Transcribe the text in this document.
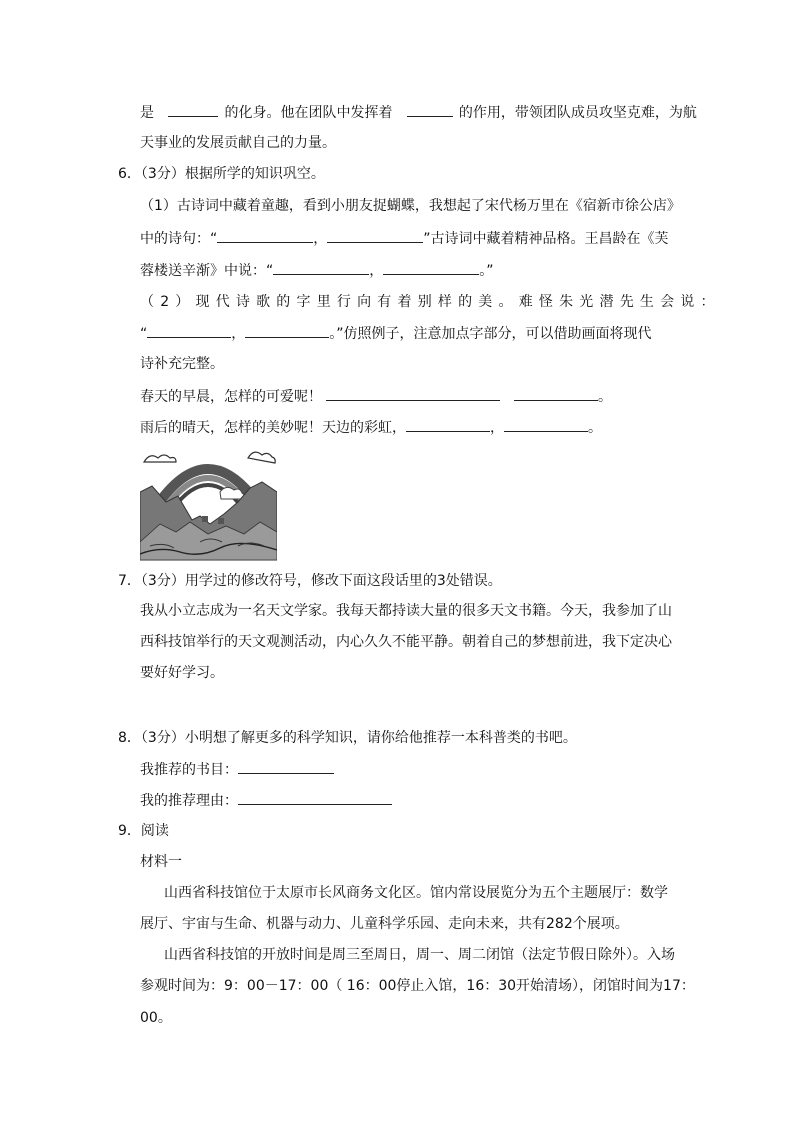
是	的化身。他在团队中发挥着	的作用，带领团队成员攻坚克难，为航
天事业的发展贡献自己的力量。
6．（3分）根据所学的知识巩空。
（1）古诗词中藏着童趣，看到小朋友捉蝴蝶，我想起了宋代杨万里在《宿新市徐公店》
中的诗句：“	，	”古诗词中藏着精神品格。王昌龄在《芙
蓉楼送辛渐》中说：“	，	。”
（2）现代诗歌的字里行向有着别样的美。难怪朱光潜先生会说：
“	，	。”仿照例子，注意加点字部分，可以借助画面将现代
诗补充完整。
春天的早晨，怎样的可爱呢！	。
雨后的晴天，怎样的美妙呢！天边的彩虹，	，	。
7．（3分）用学过的修改符号，修改下面这段话里的3处错误。
我从小立志成为一名天文学家。我每天都持读大量的很多天文书籍。今天，我参加了山
西科技馆举行的天文观测活动，内心久久不能平静。朝着自己的梦想前进，我下定决心
要好好学习。
8．（3分）小明想了解更多的科学知识，请你给他推荐一本科普类的书吧。
我推荐的书目：
我的推荐理由：
9．阅读
材料一
山西省科技馆位于太原市长风商务文化区。馆内常设展览分为五个主题展厅：数学
展厅、宇宙与生命、机器与动力、儿童科学乐园、走向未来，共有282个展项。
山西省科技馆的开放时间是周三至周日，周一、周二闭馆（法定节假日除外）。入场
参观时间为：9：00－17：00（ 16：00停止入馆，16：30开始清场），闭馆时间为17：
00。
